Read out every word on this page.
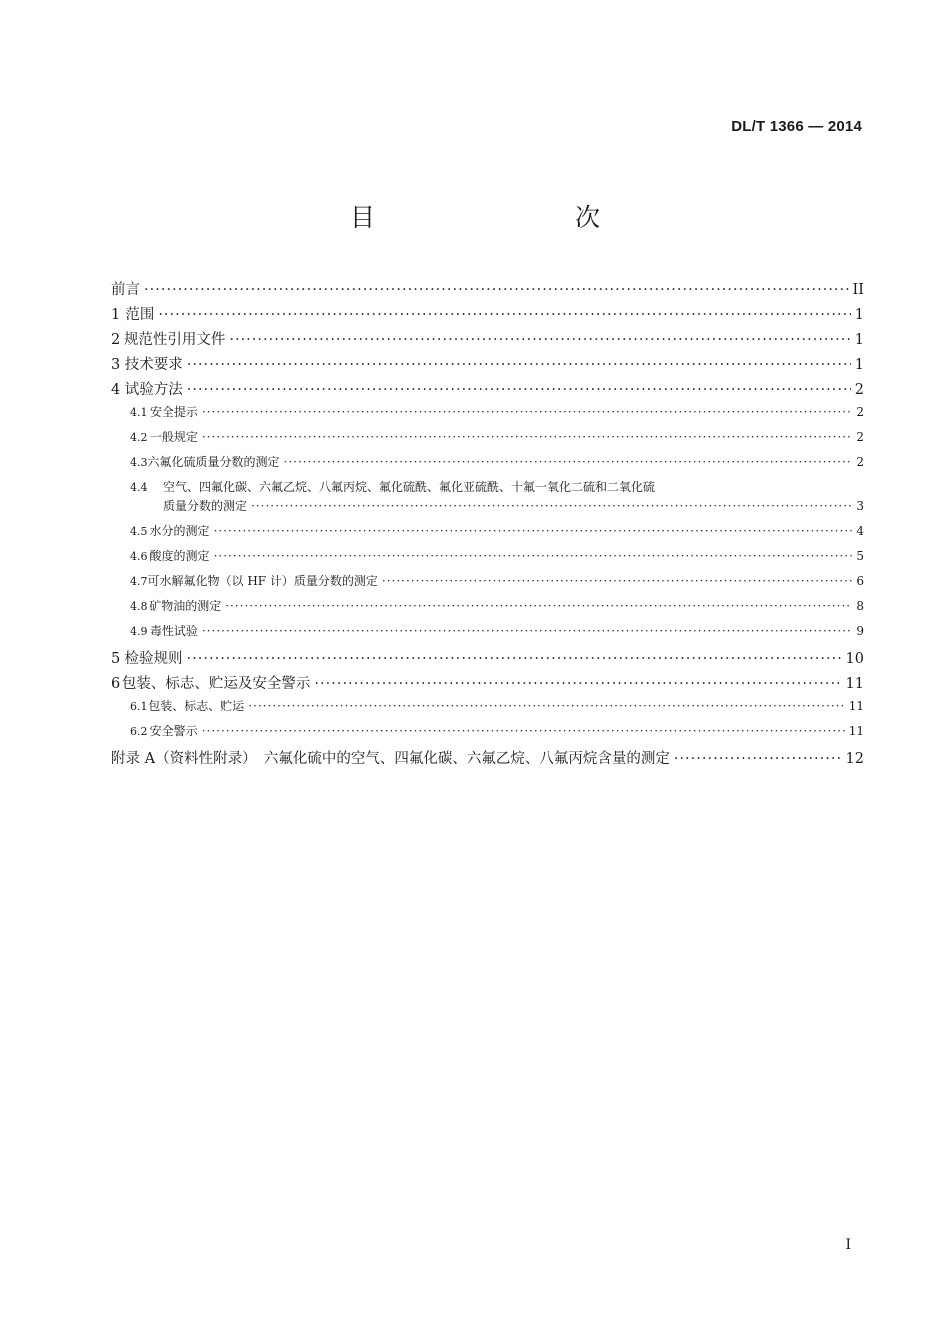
DL/T 1366 — 2014
目　　次
前言 ·····	II
1 范围 ·····	1
2 规范性引用文件 ·····	1
3 技术要求 ·····	1
4 试验方法 ·····	2
4.1 安全提示 ·····	2
4.2 一般规定 ·····	2
4.3 六氟化硫质量分数的测定 ·····	2
4.4	空气、四氟化碳、六氟乙烷、八氟丙烷、氟化硫酰、氟化亚硫酰、十氟一氧化二硫和二氧化硫
质量分数的测定 ·····	3
4.5 水分的测定 ·····	4
4.6 酸度的测定 ·····	5
4.7 可水解氟化物（以 HF 计）质量分数的测定 ·····	6
4.8 矿物油的测定 ·····	8
4.9 毒性试验 ·····	9
5 检验规则 ·····	10
6 包装、标志、贮运及安全警示 ·····	11
6.1 包装、标志、贮运 ·····	11
6.2 安全警示 ·····	11
附录 A（资料性附录）　六氟化硫中的空气、四氟化碳、六氟乙烷、八氟丙烷含量的测定 ·····	12
I
